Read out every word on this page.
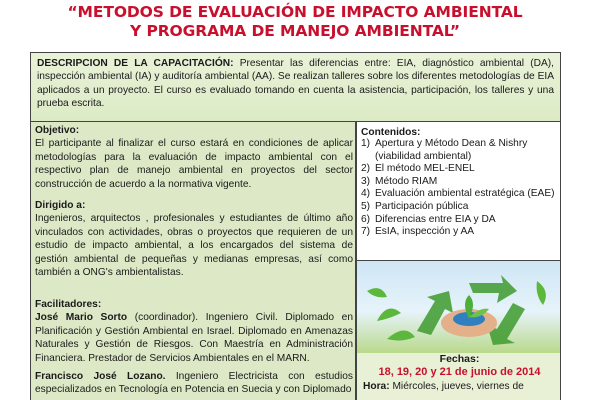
“METODOS DE EVALUACIÓN DE IMPACTO AMBIENTAL
Y PROGRAMA DE MANEJO AMBIENTAL”
DESCRIPCION DE LA CAPACITACIÓN: Presentar las diferencias entre: EIA, diagnóstico ambiental (DA), inspección ambiental (IA) y auditoría ambiental (AA). Se realizan talleres sobre los diferentes metodologías de EIA aplicados a un proyecto. El curso es evaluado tomando en cuenta la asistencia, participación, los talleres y una prueba escrita.
Objetivo:
El participante al finalizar el curso estará en condiciones de aplicar metodologías para la evaluación de impacto ambiental con el respectivo plan de manejo ambiental en proyectos del sector construcción de acuerdo a la normativa vigente.
Dirigido a:
Ingenieros, arquitectos , profesionales y estudiantes de último año vinculados con actividades, obras o proyectos que requieren de un estudio de impacto ambiental, a los encargados del sistema de gestión ambiental de pequeñas y medianas empresas, así como también a ONG's ambientalistas.
Facilitadores:
José Mario Sorto (coordinador). Ingeniero Civil. Diplomado en Planificación y Gestión Ambiental en Israel. Diplomado en Amenazas Naturales y Gestión de Riesgos. Con Maestría en Administración Financiera. Prestador de Servicios Ambientales en el MARN.
Francisco José Lozano. Ingeniero Electricista con estudios especializados en Tecnología en Potencia en Suecia y con Diplomado
Contenidos:
1) Apertura y Método Dean & Nishry (viabilidad ambiental)
2) El método MEL-ENEL
3) Método RIAM
4) Evaluación ambiental estratégica (EAE)
5) Participación pública
6) Diferencias entre EIA y DA
7) EsIA, inspección y AA
Fechas:
18, 19, 20 y 21 de junio de 2014
Hora: Miércoles, jueves, viernes de
